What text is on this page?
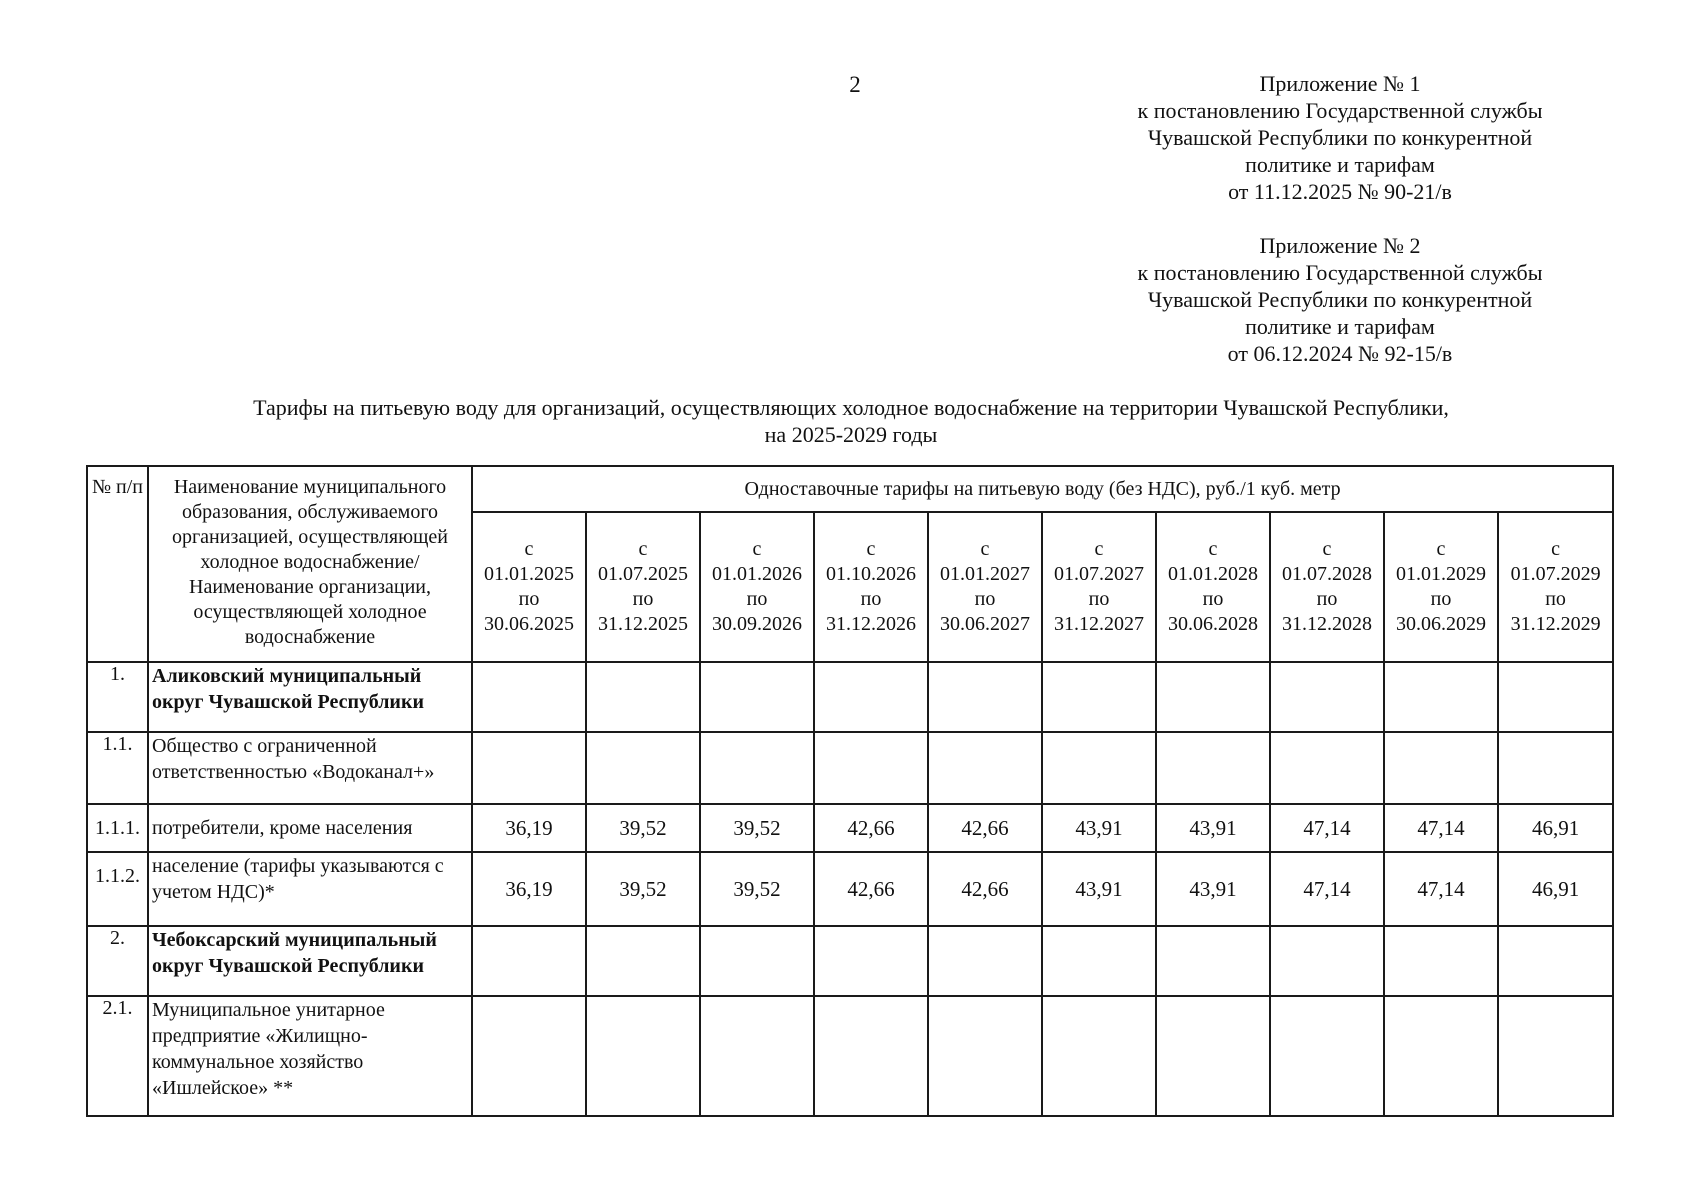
2	Приложение № 1
к постановлению Государственной службы
Чувашской Республики по конкурентной
политике и тарифам
от 11.12.2025 № 90-21/в
Приложение № 2
к постановлению Государственной службы
Чувашской Республики по конкурентной
политике и тарифам
от 06.12.2024 № 92-15/в
Тарифы на питьевую воду для организаций, осуществляющих холодное водоснабжение на территории Чувашской Республики,
на 2025-2029 годы
№ п/п	Наименование муниципального образования, обслуживаемого организацией, осуществляющей холодное водоснабжение/Наименование организации, осуществляющей холодное водоснабжение	Одноставочные тарифы на питьевую воду (без НДС), руб./1 куб. метр									

		с
01.01.2025
по
30.06.2025	с
01.07.2025
по
31.12.2025	с
01.01.2026
по
30.09.2026	с
01.10.2026
по
31.12.2026	с
01.01.2027
по
30.06.2027	с
01.07.2027
по
31.12.2027	с
01.01.2028
по
30.06.2028	с
01.07.2028
по
31.12.2028	с
01.01.2029
по
30.06.2029	с
01.07.2029
по
31.12.2029

1.	Аликовский муниципальный округ Чувашской Республики										
1.1.	Общество с ограниченной ответственностью «Водоканал+»										
1.1.1.	потребители, кроме населения	36,19	39,52	39,52	42,66	42,66	43,91	43,91	47,14	47,14	46,91
1.1.2.	население (тарифы указываются с учетом НДС)*	36,19	39,52	39,52	42,66	42,66	43,91	43,91	47,14	47,14	46,91
2.	Чебоксарский муниципальный округ Чувашской Республики										
2.1.	Муниципальное унитарное предприятие «Жилищно-коммунальное хозяйство «Ишлейское» **										
